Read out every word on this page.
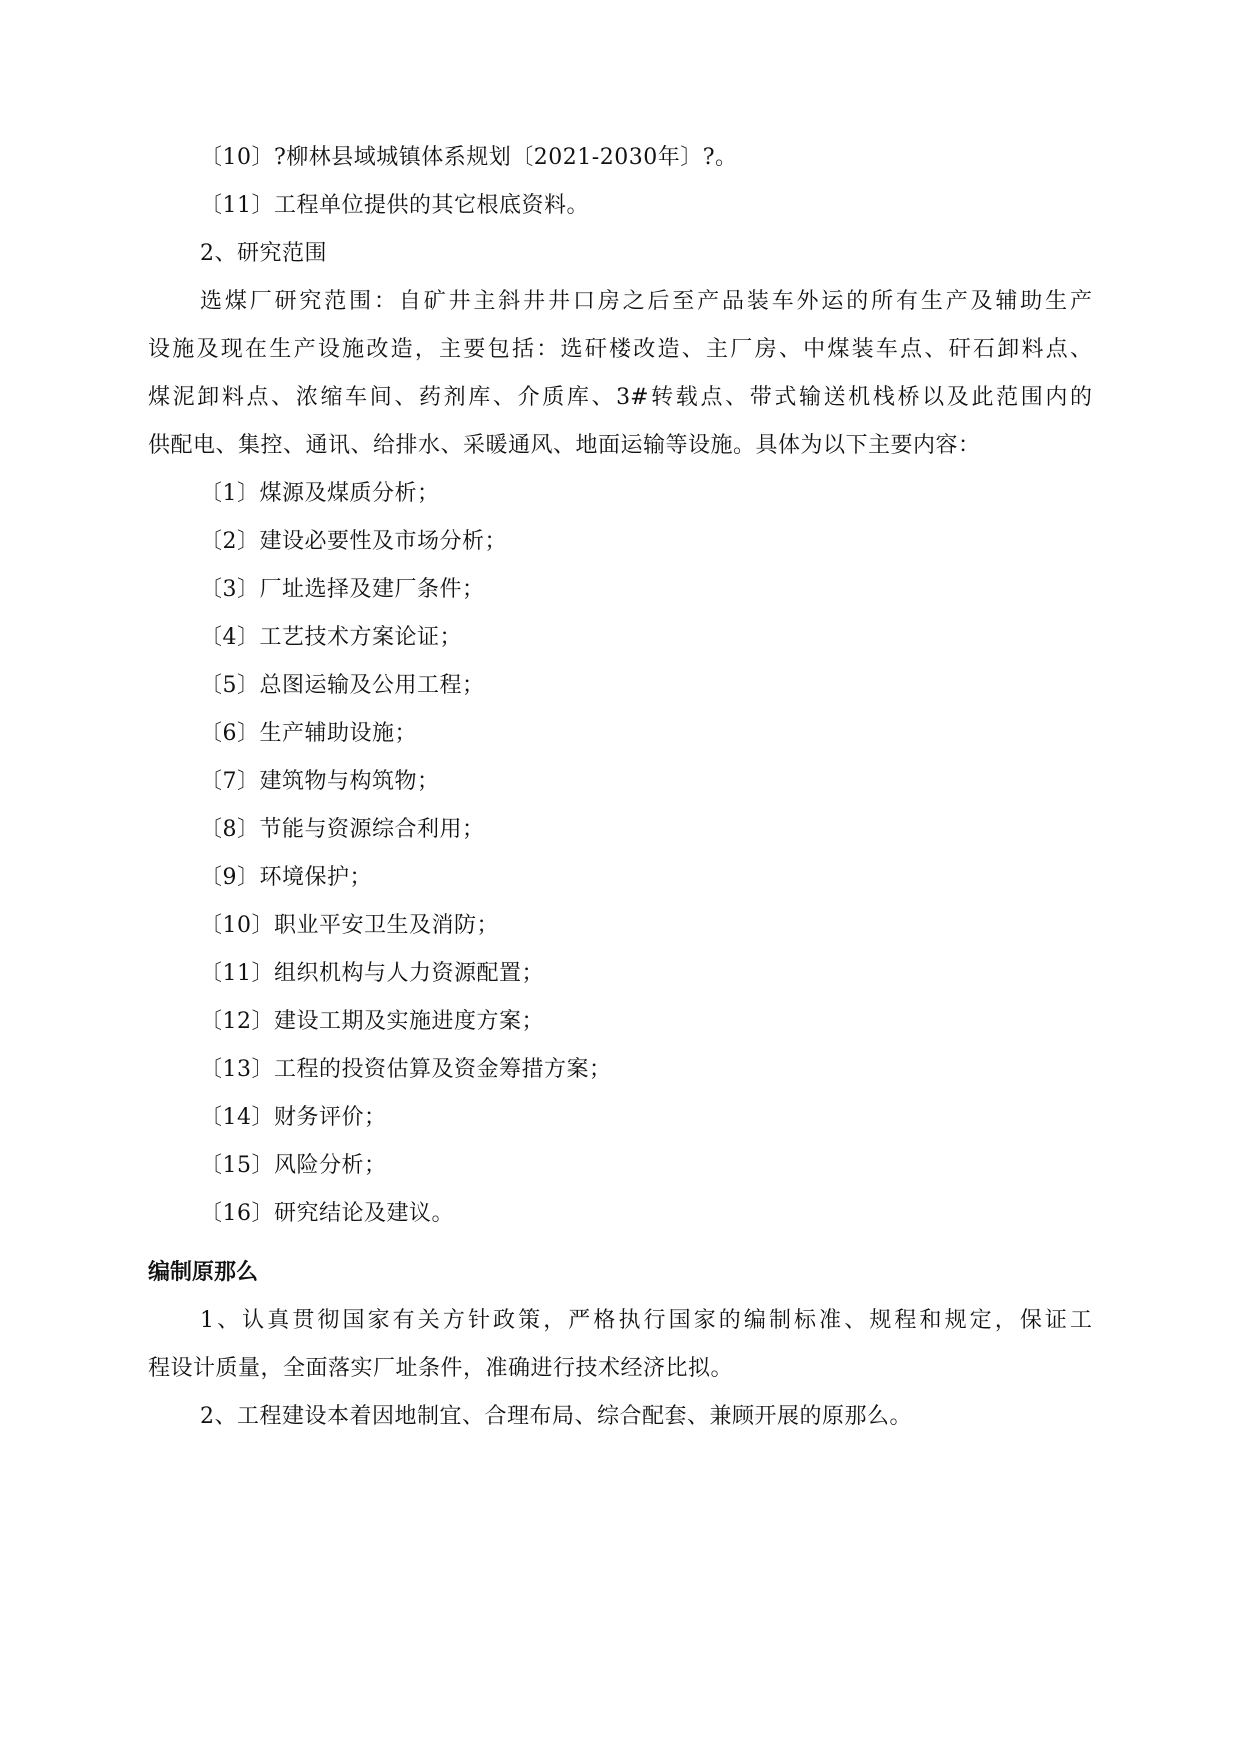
〔10〕?柳林县域城镇体系规划〔2021-2030年〕?。
〔11〕工程单位提供的其它根底资料。
2、研究范围
选煤厂研究范围：自矿井主斜井井口房之后至产品装车外运的所有生产及辅助生产
设施及现在生产设施改造，主要包括：选矸楼改造、主厂房、中煤装车点、矸石卸料点、
煤泥卸料点、浓缩车间、药剂库、介质库、3#转载点、带式输送机栈桥以及此范围内的
供配电、集控、通讯、给排水、采暖通风、地面运输等设施。具体为以下主要内容：
〔1〕煤源及煤质分析；
〔2〕建设必要性及市场分析；
〔3〕厂址选择及建厂条件；
〔4〕工艺技术方案论证；
〔5〕总图运输及公用工程；
〔6〕生产辅助设施；
〔7〕建筑物与构筑物；
〔8〕节能与资源综合利用；
〔9〕环境保护；
〔10〕职业平安卫生及消防；
〔11〕组织机构与人力资源配置；
〔12〕建设工期及实施进度方案；
〔13〕工程的投资估算及资金筹措方案；
〔14〕财务评价；
〔15〕风险分析；
〔16〕研究结论及建议。
编制原那么
1、认真贯彻国家有关方针政策，严格执行国家的编制标准、规程和规定，保证工
程设计质量，全面落实厂址条件，准确进行技术经济比拟。
2、工程建设本着因地制宜、合理布局、综合配套、兼顾开展的原那么。
